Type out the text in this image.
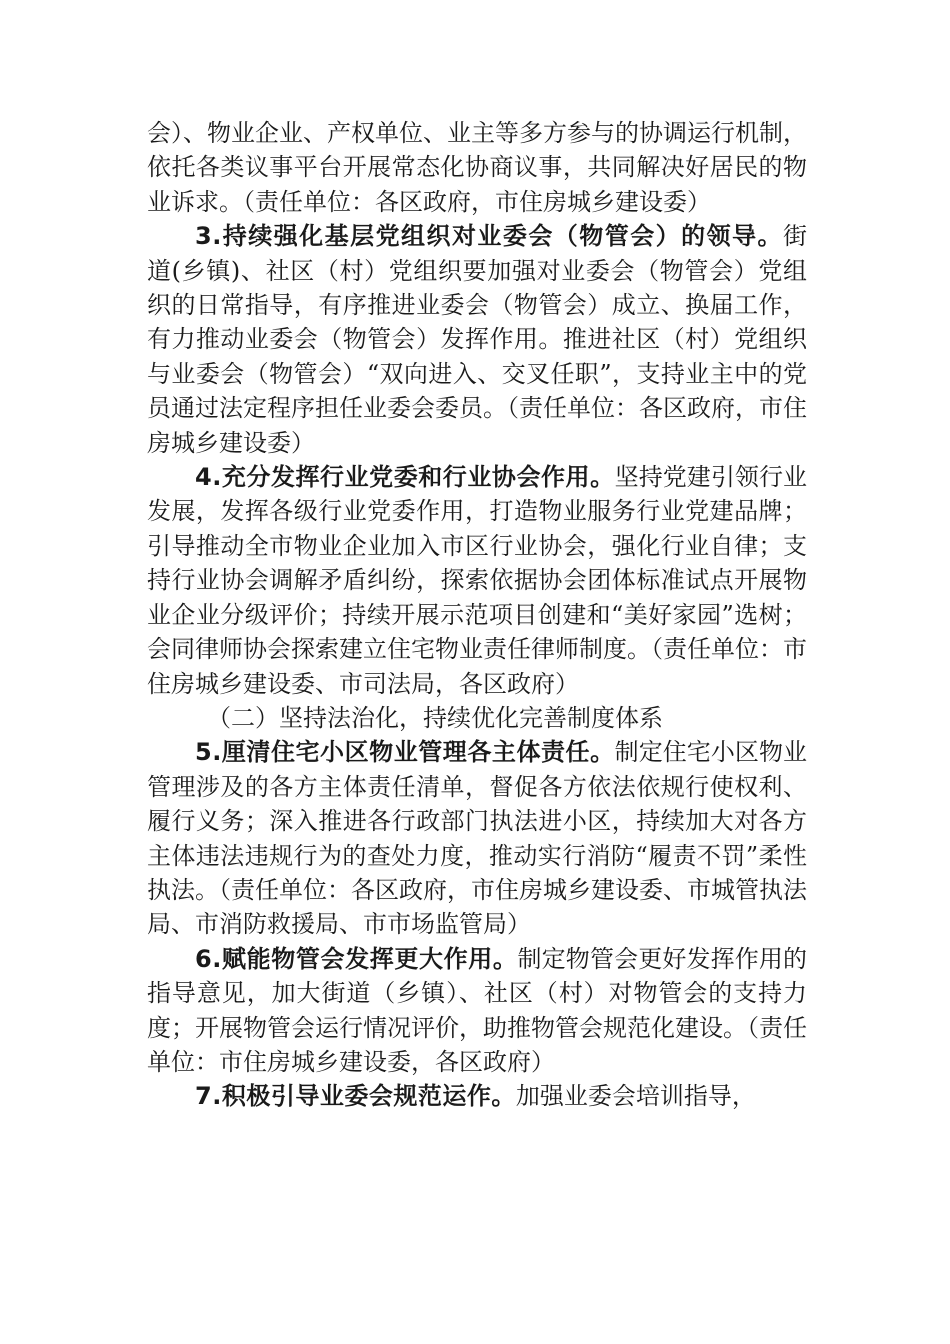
会）、物业企业、产权单位、业主等多方参与的协调运行机制，依托各类议事平台开展常态化协商议事，共同解决好居民的物业诉求。（责任单位：各区政府，市住房城乡建设委）

3.持续强化基层党组织对业委会（物管会）的领导。街道(乡镇)、社区（村）党组织要加强对业委会（物管会）党组织的日常指导，有序推进业委会（物管会）成立、换届工作，有力推动业委会（物管会）发挥作用。推进社区（村）党组织与业委会（物管会）“双向进入、交叉任职”，支持业主中的党员通过法定程序担任业委会委员。（责任单位：各区政府，市住房城乡建设委）

4.充分发挥行业党委和行业协会作用。坚持党建引领行业发展，发挥各级行业党委作用，打造物业服务行业党建品牌；引导推动全市物业企业加入市区行业协会，强化行业自律；支持行业协会调解矛盾纠纷，探索依据协会团体标准试点开展物业企业分级评价；持续开展示范项目创建和“美好家园”选树；会同律师协会探索建立住宅物业责任律师制度。（责任单位：市住房城乡建设委、市司法局，各区政府）

（二）坚持法治化，持续优化完善制度体系

5.厘清住宅小区物业管理各主体责任。制定住宅小区物业管理涉及的各方主体责任清单，督促各方依法依规行使权利、履行义务；深入推进各行政部门执法进小区，持续加大对各方主体违法违规行为的查处力度，推动实行消防“履责不罚”柔性执法。（责任单位：各区政府，市住房城乡建设委、市城管执法局、市消防救援局、市市场监管局）

6.赋能物管会发挥更大作用。制定物管会更好发挥作用的指导意见，加大街道（乡镇）、社区（村）对物管会的支持力度；开展物管会运行情况评价，助推物管会规范化建设。（责任单位：市住房城乡建设委，各区政府）

7.积极引导业委会规范运作。加强业委会培训指导，
